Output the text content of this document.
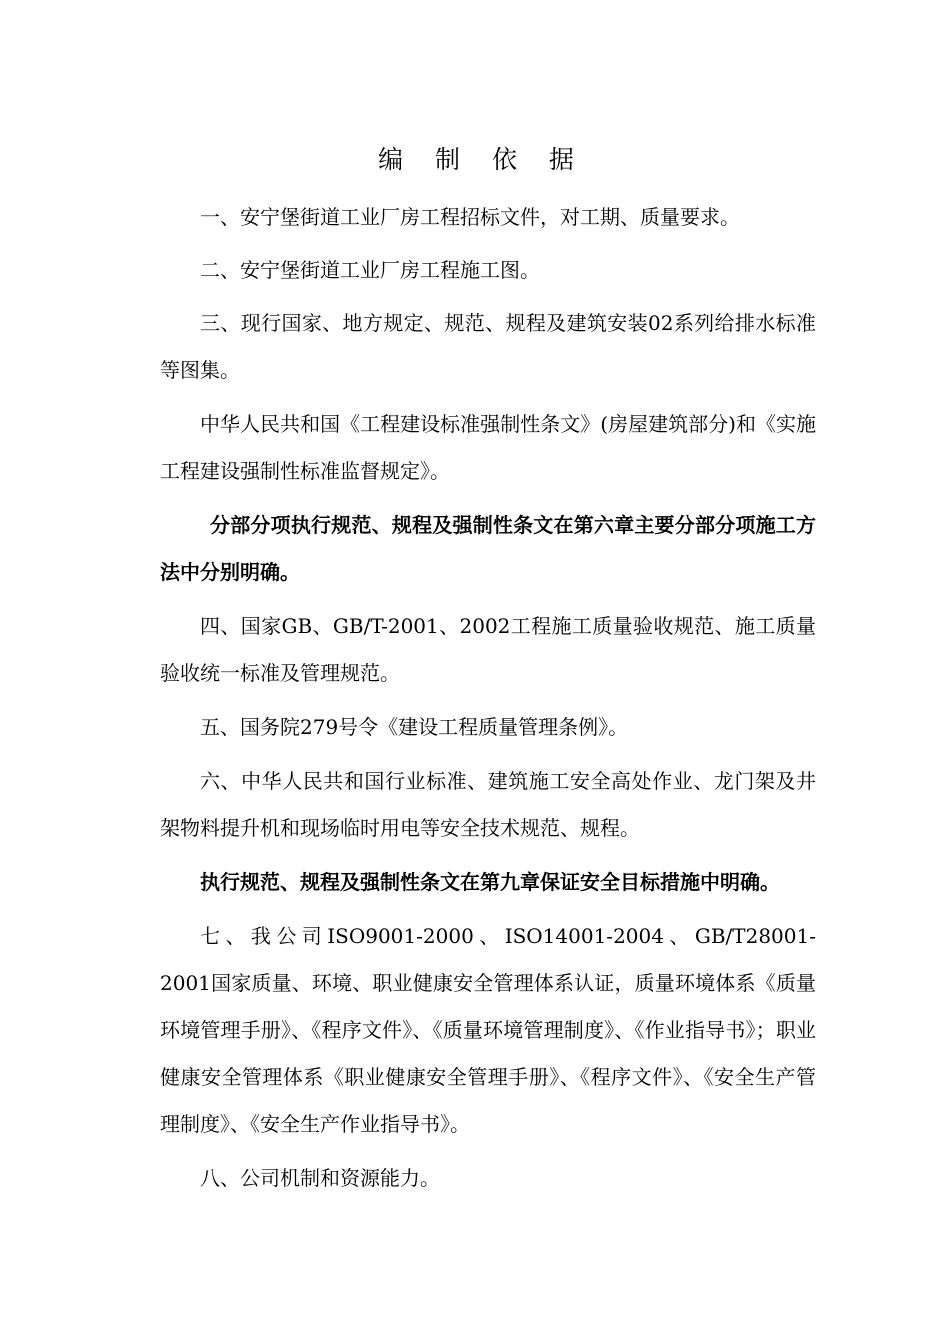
编 制 依 据

一、安宁堡街道工业厂房工程招标文件，对工期、质量要求。

二、安宁堡街道工业厂房工程施工图。

三、现行国家、地方规定、规范、规程及建筑安装02系列给排水标准等图集。

中华人民共和国《工程建设标准强制性条文》(房屋建筑部分)和《实施工程建设强制性标准监督规定》。

分部分项执行规范、规程及强制性条文在第六章主要分部分项施工方法中分别明确。

四、国家GB、GB/T-2001、2002工程施工质量验收规范、施工质量验收统一标准及管理规范。

五、国务院279号令《建设工程质量管理条例》。

六、中华人民共和国行业标准、建筑施工安全高处作业、龙门架及井架物料提升机和现场临时用电等安全技术规范、规程。

执行规范、规程及强制性条文在第九章保证安全目标措施中明确。

七、我公司ISO9001-2000、ISO14001-2004、GB/T28001-2001国家质量、环境、职业健康安全管理体系认证，质量环境体系《质量环境管理手册》、《程序文件》、《质量环境管理制度》、《作业指导书》；职业健康安全管理体系《职业健康安全管理手册》、《程序文件》、《安全生产管理制度》、《安全生产作业指导书》。

八、公司机制和资源能力。
